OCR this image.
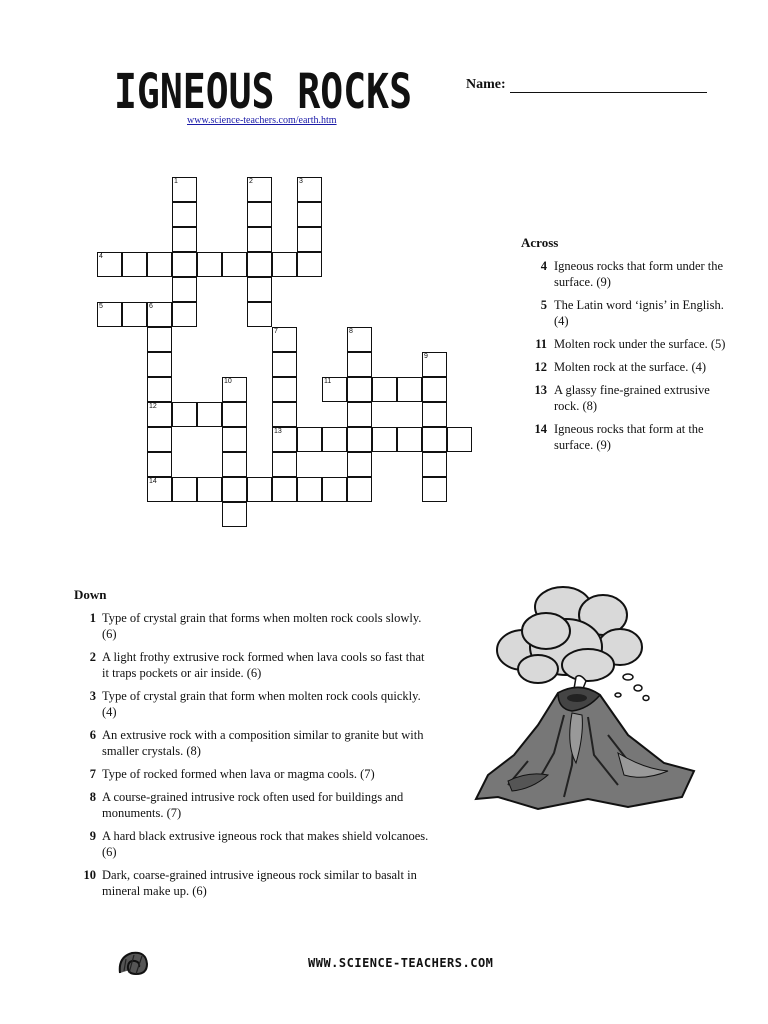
IGNEOUS ROCKS
www.science-teachers.com/earth.htm
Name:
1	2	3
4
5	6
7	8
9
10	11
12
13
14
Across
4 Igneous rocks that form under the surface. (9)
5 The Latin word ‘ignis’ in English. (4)
11 Molten rock under the surface. (5)
12 Molten rock at the surface. (4)
13 A glassy fine-grained extrusive rock. (8)
14 Igneous rocks that form at the surface. (9)
Down
1 Type of crystal grain that forms when molten rock cools slowly. (6)
2 A light frothy extrusive rock formed when lava cools so fast that it traps pockets or air inside. (6)
3 Type of crystal grain that form when molten rock cools quickly. (4)
6 An extrusive rock with a composition similar to granite but with smaller crystals. (8)
7 Type of rocked formed when lava or magma cools. (7)
8 A course-grained intrusive rock often used for buildings and monuments. (7)
9 A hard black extrusive igneous rock that makes shield volcanoes. (6)
10 Dark, coarse-grained intrusive igneous rock similar to basalt in mineral make up. (6)
WWW.SCIENCE-TEACHERS.COM
